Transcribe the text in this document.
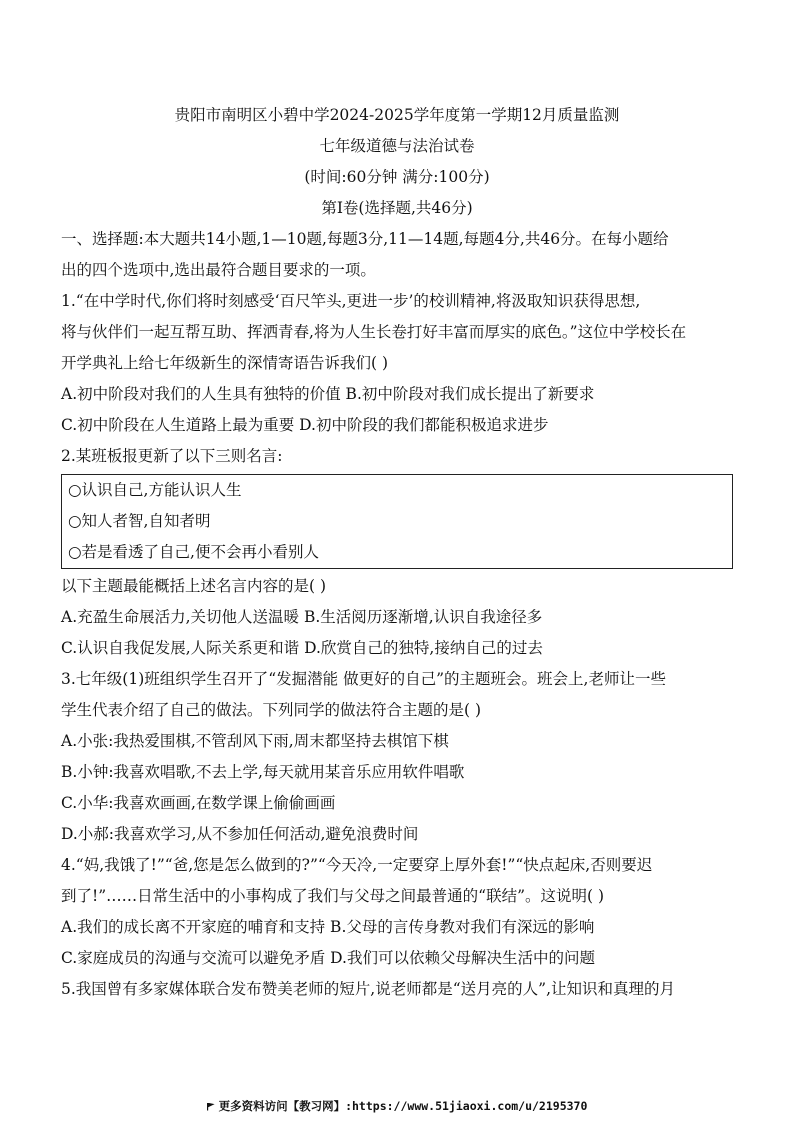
贵阳市南明区小碧中学2024-2025学年度第一学期12月质量监测
七年级道德与法治试卷
(时间:60分钟 满分:100分)
第Ⅰ卷(选择题,共46分)
一、选择题:本大题共14小题,1—10题,每题3分,11—14题,每题4分,共46分。在每小题给
出的四个选项中,选出最符合题目要求的一项。
1.“在中学时代,你们将时刻感受‘百尺竿头,更进一步’的校训精神,将汲取知识获得思想,
将与伙伴们一起互帮互助、挥洒青春,将为人生长卷打好丰富而厚实的底色。”这位中学校长在
开学典礼上给七年级新生的深情寄语告诉我们( )
A.初中阶段对我们的人生具有独特的价值 B.初中阶段对我们成长提出了新要求
C.初中阶段在人生道路上最为重要 D.初中阶段的我们都能积极追求进步
2.某班板报更新了以下三则名言:
○认识自己,方能认识人生
○知人者智,自知者明
○若是看透了自己,便不会再小看别人
以下主题最能概括上述名言内容的是( )
A.充盈生命展活力,关切他人送温暖 B.生活阅历逐渐增,认识自我途径多
C.认识自我促发展,人际关系更和谐 D.欣赏自己的独特,接纳自己的过去
3.七年级(1)班组织学生召开了“发掘潜能 做更好的自己”的主题班会。班会上,老师让一些
学生代表介绍了自己的做法。下列同学的做法符合主题的是( )
A.小张:我热爱围棋,不管刮风下雨,周末都坚持去棋馆下棋
B.小钟:我喜欢唱歌,不去上学,每天就用某音乐应用软件唱歌
C.小华:我喜欢画画,在数学课上偷偷画画
D.小郝:我喜欢学习,从不参加任何活动,避免浪费时间
4.“妈,我饿了!”“爸,您是怎么做到的?”“今天冷,一定要穿上厚外套!”“快点起床,否则要迟
到了!”……日常生活中的小事构成了我们与父母之间最普通的“联结”。这说明( )
A.我们的成长离不开家庭的哺育和支持 B.父母的言传身教对我们有深远的影响
C.家庭成员的沟通与交流可以避免矛盾 D.我们可以依赖父母解决生活中的问题
5.我国曾有多家媒体联合发布赞美老师的短片,说老师都是“送月亮的人”,让知识和真理的月
更多资料访问【教习网】:https://www.51jiaoxi.com/u/2195370
